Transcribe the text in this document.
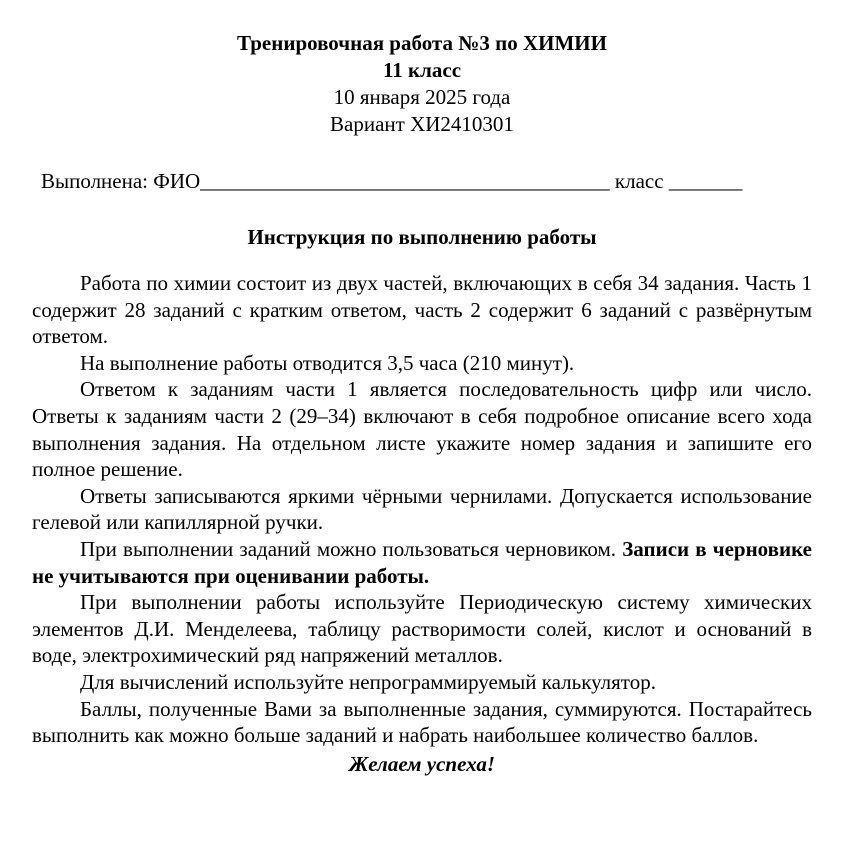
Тренировочная работа №3 по ХИМИИ
11 класс
10 января 2025 года
Вариант ХИ2410301
Выполнена: ФИО_______________________________________ класс _______
Инструкция по выполнению работы

Работа по химии состоит из двух частей, включающих в себя 34 задания. Часть 1 содержит 28 заданий с кратким ответом, часть 2 содержит 6 заданий с развёрнутым ответом.

На выполнение работы отводится 3,5 часа (210 минут).

Ответом к заданиям части 1 является последовательность цифр или число. Ответы к заданиям части 2 (29–34) включают в себя подробное описание всего хода выполнения задания. На отдельном листе укажите номер задания и запишите его полное решение.

Ответы записываются яркими чёрными чернилами. Допускается использование гелевой или капиллярной ручки.

При выполнении заданий можно пользоваться черновиком. Записи в черновике не учитываются при оценивании работы.

При выполнении работы используйте Периодическую систему химических элементов Д.И. Менделеева, таблицу растворимости солей, кислот и оснований в воде, электрохимический ряд напряжений металлов.

Для вычислений используйте непрограммируемый калькулятор.

Баллы, полученные Вами за выполненные задания, суммируются. Постарайтесь выполнить как можно больше заданий и набрать наибольшее количество баллов.

Желаем успеха!
